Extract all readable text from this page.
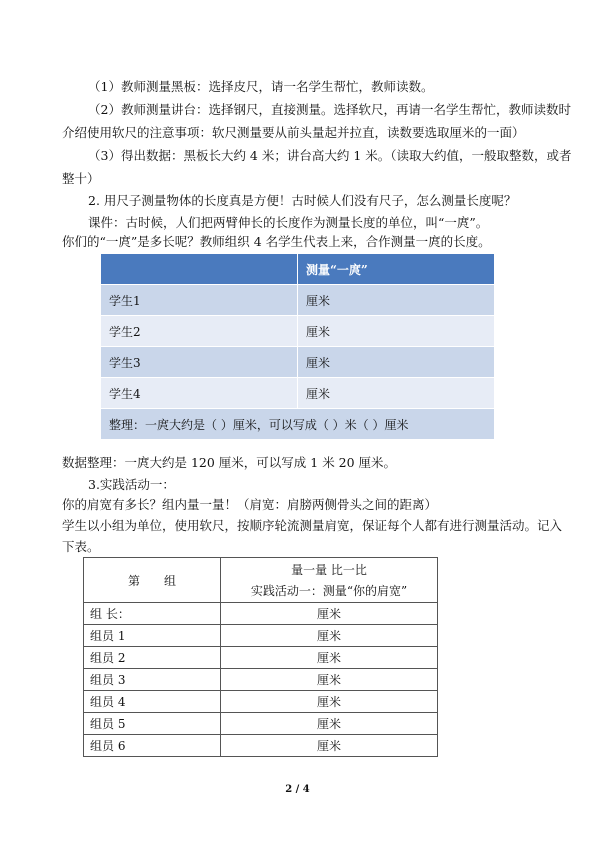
（1）教师测量黑板：选择皮尺，请一名学生帮忙，教师读数。
（2）教师测量讲台：选择钢尺，直接测量。选择软尺，再请一名学生帮忙，教师读数时
介绍使用软尺的注意事项：软尺测量要从前头量起并拉直，读数要选取厘米的一面）
（3）得出数据：黑板长大约 4 米；讲台高大约 1 米。（读取大约值，一般取整数，或者
整十）
2. 用尺子测量物体的长度真是方便！古时候人们没有尺子，怎么测量长度呢？
课件：古时候，人们把两臂伸长的长度作为测量长度的单位，叫“一庹”。
你们的“一庹”是多长呢？教师组织 4 名学生代表上来，合作测量一庹的长度。
	测量“一庹”
学生1	厘米
学生2	厘米
学生3	厘米
学生4	厘米
整理：一庹大约是（ ）厘米，可以写成（ ）米（ ）厘米	
数据整理：一庹大约是 120 厘米，可以写成 1 米 20 厘米。
3.实践活动一：
你的肩宽有多长？组内量一量！（肩宽：肩膀两侧骨头之间的距离）
学生以小组为单位，使用软尺，按顺序轮流测量肩宽，保证每个人都有进行测量活动。记入
下表。
第　　组	量一量 比一比
实践活动一：测量“你的肩宽”

组 长：	厘米
组员 1	厘米
组员 2	厘米
组员 3	厘米
组员 4	厘米
组员 5	厘米
组员 6	厘米
2 / 4
